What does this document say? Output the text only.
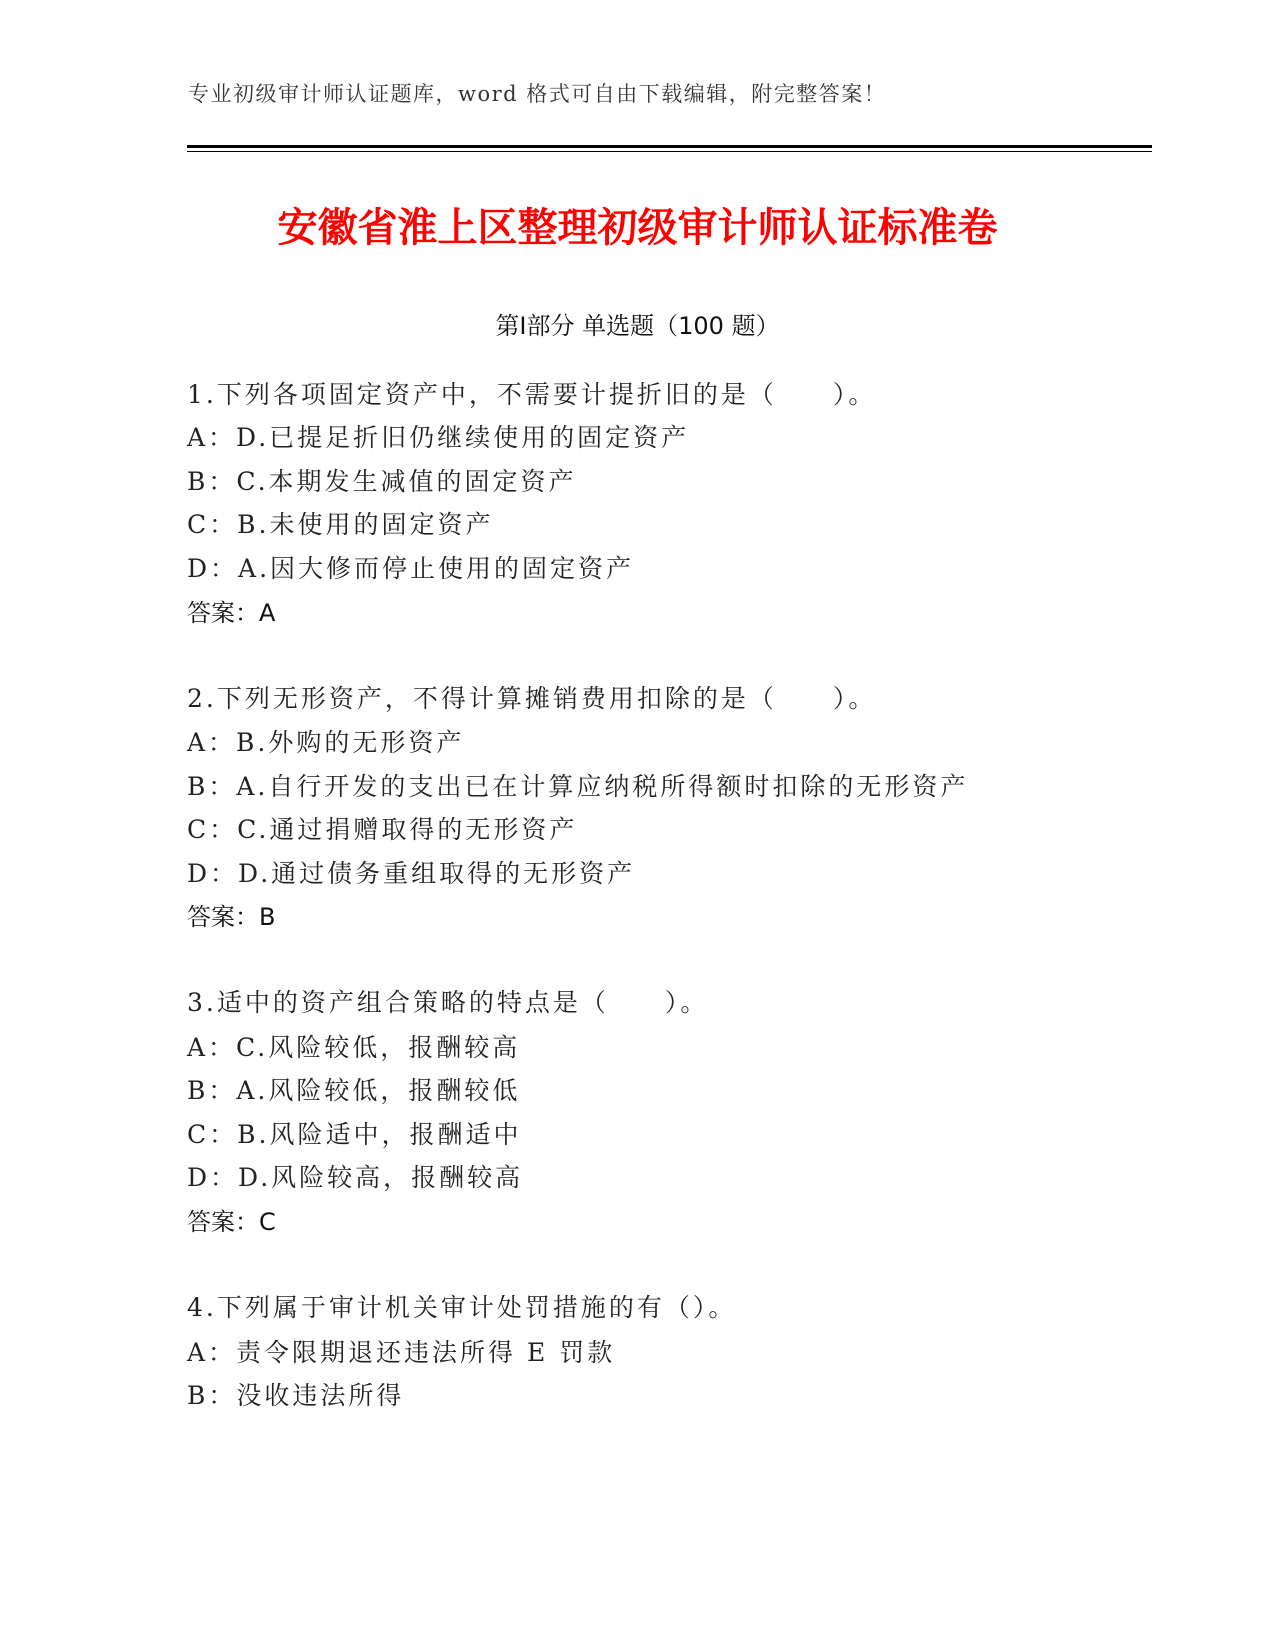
专业初级审计师认证题库，word 格式可自由下载编辑，附完整答案！
安徽省淮上区整理初级审计师认证标准卷
第Ⅰ部分 单选题（100 题）
1.下列各项固定资产中，不需要计提折旧的是（　　）。
A：D.已提足折旧仍继续使用的固定资产
B：C.本期发生减值的固定资产
C：B.未使用的固定资产
D：A.因大修而停止使用的固定资产
答案：A
2.下列无形资产，不得计算摊销费用扣除的是（　　）。
A：B.外购的无形资产
B：A.自行开发的支出已在计算应纳税所得额时扣除的无形资产
C：C.通过捐赠取得的无形资产
D：D.通过债务重组取得的无形资产
答案：B
3.适中的资产组合策略的特点是（　　）。
A：C.风险较低，报酬较高
B：A.风险较低，报酬较低
C：B.风险适中，报酬适中
D：D.风险较高，报酬较高
答案：C
4.下列属于审计机关审计处罚措施的有（）。
A：责令限期退还违法所得 E 罚款
B：没收违法所得
